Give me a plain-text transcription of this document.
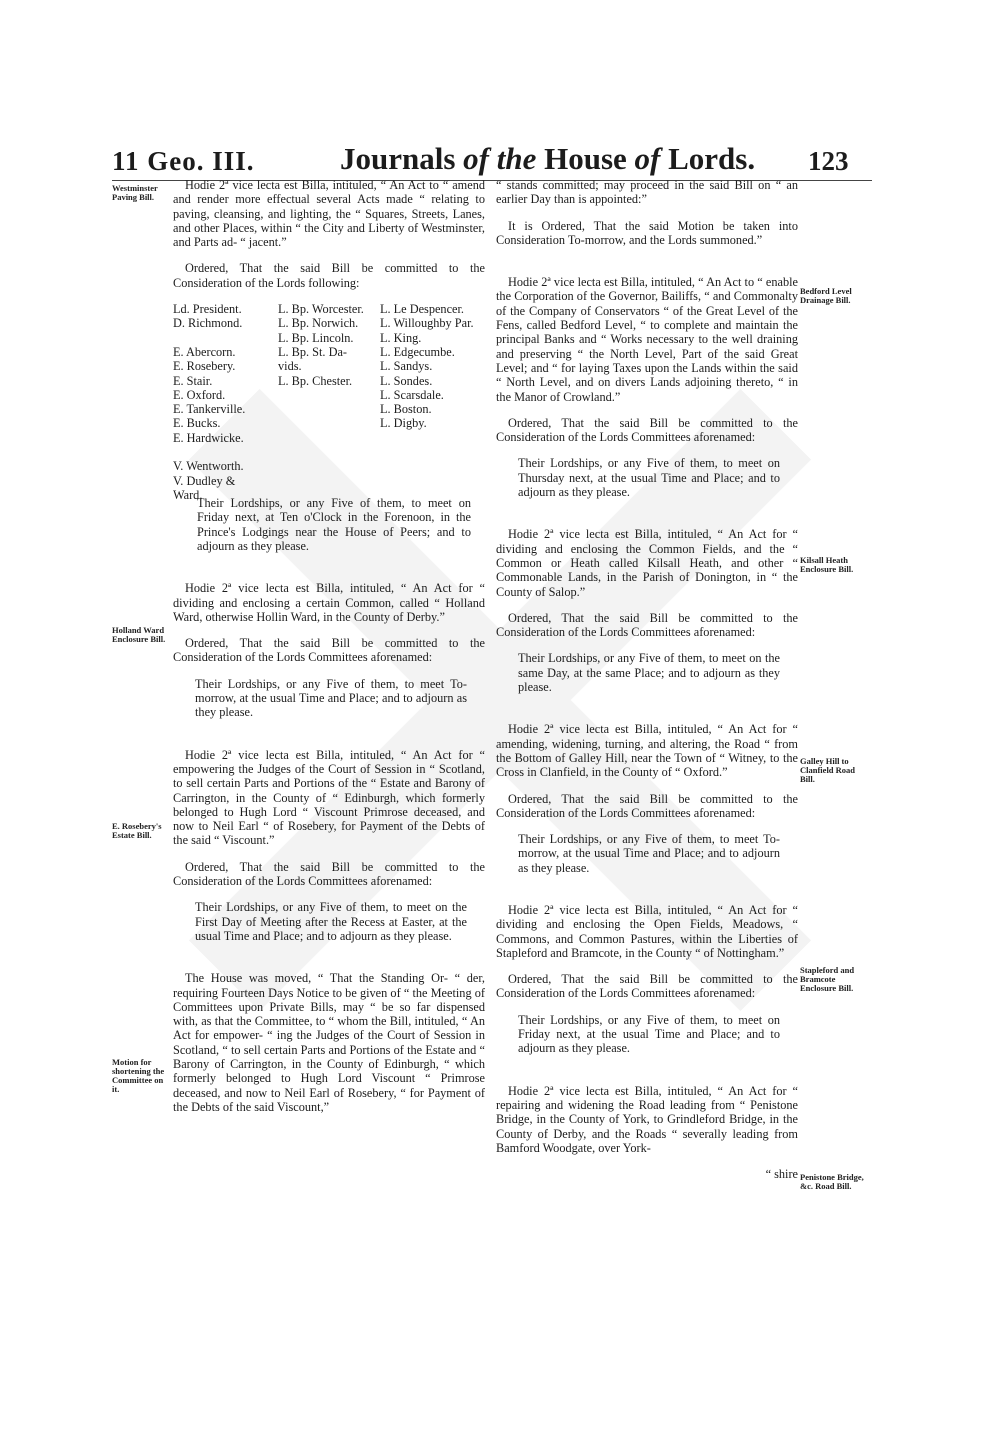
11 Geo. III.	Journals of the House of Lords. 123
Westminster Paving Bill.
Holland Ward Enclosure Bill.
E. Rosebery's Estate Bill.
Motion for shortening the Committee on it.
Bedford Level Drainage Bill.
Kilsall Heath Enclosure Bill.
Galley Hill to Clanfield Road Bill.
Stapleford and Bramcote Enclosure Bill.
Penistone Bridge, &c. Road Bill.

Hodie 2ª vice lecta est Billa, intituled, “ An Act to “ amend and render more effectual several Acts made “ relating to paving, cleansing, and lighting, the “ Squares, Streets, Lanes, and other Places, within “ the City and Liberty of Westminster, and Parts ad- “ jacent.”

Ordered, That the said Bill be committed to the Consideration of the Lords following:

Ld. President.
D. Richmond.

E. Abercorn.
E. Rosebery.
E. Stair.
E. Oxford.
E. Tankerville.
E. Bucks.
E. Hardwicke.

V. Wentworth.
V. Dudley &
Ward.
L. Bp. Worcester.
L. Bp. Norwich.
L. Bp. Lincoln.
L. Bp. St. Da-
vids.
L. Bp. Chester.
L. Le Despencer.
L. Willoughby Par.
L. King.
L. Edgecumbe.
L. Sandys.
L. Sondes.
L. Scarsdale.
L. Boston.
L. Digby.

Their Lordships, or any Five of them, to meet on Friday next, at Ten o'Clock in the Forenoon, in the Prince's Lodgings near the House of Peers; and to adjourn as they please.

Hodie 2ª vice lecta est Billa, intituled, “ An Act for “ dividing and enclosing a certain Common, called “ Holland Ward, otherwise Hollin Ward, in the County of Derby.”

Ordered, That the said Bill be committed to the Consideration of the Lords Committees aforenamed:

Their Lordships, or any Five of them, to meet To-morrow, at the usual Time and Place; and to adjourn as they please.

Hodie 2ª vice lecta est Billa, intituled, “ An Act for “ empowering the Judges of the Court of Session in “ Scotland, to sell certain Parts and Portions of the “ Estate and Barony of Carrington, in the County of “ Edinburgh, which formerly belonged to Hugh Lord “ Viscount Primrose deceased, and now to Neil Earl “ of Rosebery, for Payment of the Debts of the said “ Viscount.”

Ordered, That the said Bill be committed to the Consideration of the Lords Committees aforenamed:

Their Lordships, or any Five of them, to meet on the First Day of Meeting after the Recess at Easter, at the usual Time and Place; and to adjourn as they please.

The House was moved, “ That the Standing Or- “ der, requiring Fourteen Days Notice to be given of “ the Meeting of Committees upon Private Bills, may “ be so far dispensed with, as that the Committee, to “ whom the Bill, intituled, “ An Act for empower- “ ing the Judges of the Court of Session in Scotland, “ to sell certain Parts and Portions of the Estate and “ Barony of Carrington, in the County of Edinburgh, “ which formerly belonged to Hugh Lord Viscount “ Primrose deceased, and now to Neil Earl of Rosebery, “ for Payment of the Debts of the said Viscount,”

“ stands committed; may proceed in the said Bill on “ an earlier Day than is appointed:”

It is Ordered, That the said Motion be taken into Consideration To-morrow, and the Lords summoned.”

Hodie 2ª vice lecta est Billa, intituled, “ An Act to “ enable the Corporation of the Governor, Bailiffs, “ and Commonalty of the Company of Conservators “ of the Great Level of the Fens, called Bedford Level, “ to complete and maintain the principal Banks and “ Works necessary to the well draining and preserving “ the North Level, Part of the said Great Level; and “ for laying Taxes upon the Lands within the said “ North Level, and on divers Lands adjoining thereto, “ in the Manor of Crowland.”

Ordered, That the said Bill be committed to the Consideration of the Lords Committees aforenamed:

Their Lordships, or any Five of them, to meet on Thursday next, at the usual Time and Place; and to adjourn as they please.

Hodie 2ª vice lecta est Billa, intituled, “ An Act for “ dividing and enclosing the Common Fields, and the “ Common or Heath called Kilsall Heath, and other “ Commonable Lands, in the Parish of Donington, in “ the County of Salop.”

Ordered, That the said Bill be committed to the Consideration of the Lords Committees aforenamed:

Their Lordships, or any Five of them, to meet on the same Day, at the same Place; and to adjourn as they please.

Hodie 2ª vice lecta est Billa, intituled, “ An Act for “ amending, widening, turning, and altering, the Road “ from the Bottom of Galley Hill, near the Town of “ Witney, to the Cross in Clanfield, in the County of “ Oxford.”

Ordered, That the said Bill be committed to the Consideration of the Lords Committees aforenamed:

Their Lordships, or any Five of them, to meet To-morrow, at the usual Time and Place; and to adjourn as they please.

Hodie 2ª vice lecta est Billa, intituled, “ An Act for “ dividing and enclosing the Open Fields, Meadows, “ Commons, and Common Pastures, within the Liberties of Stapleford and Bramcote, in the County “ of Nottingham.”

Ordered, That the said Bill be committed to the Consideration of the Lords Committees aforenamed:

Their Lordships, or any Five of them, to meet on Friday next, at the usual Time and Place; and to adjourn as they please.

Hodie 2ª vice lecta est Billa, intituled, “ An Act for “ repairing and widening the Road leading from “ Penistone Bridge, in the County of York, to Grindleford Bridge, in the County of Derby, and the Roads “ severally leading from Bamford Woodgate, over York-

“ shire
